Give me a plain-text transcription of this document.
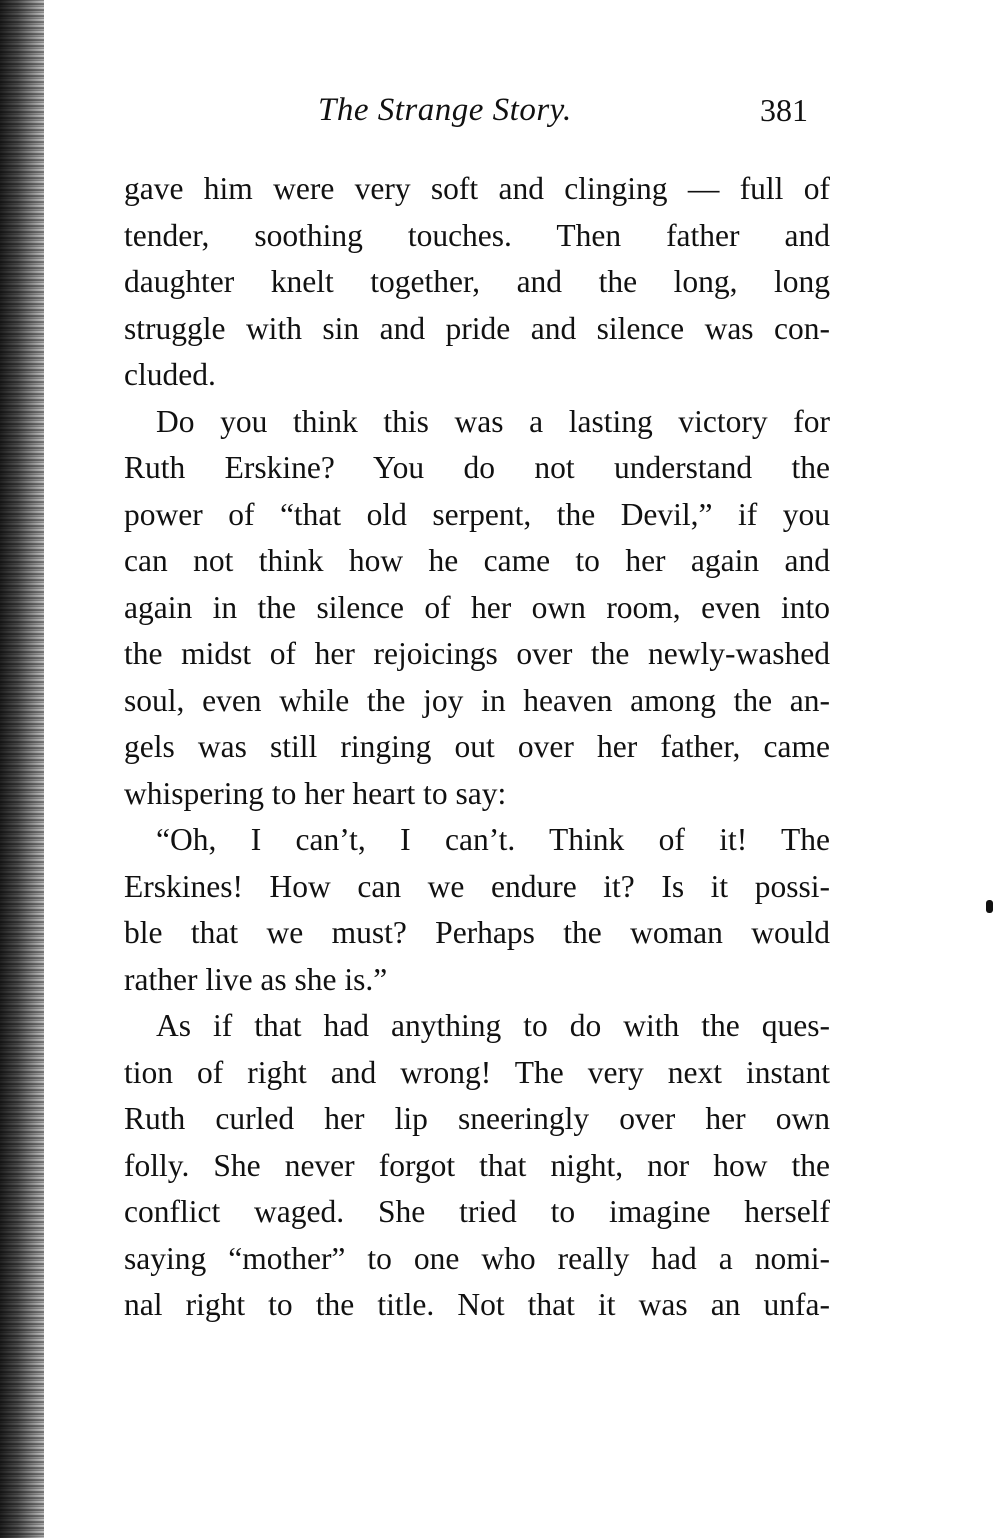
The Strange Story.	381
gave him were very soft and clinging — full of
tender, soothing touches. Then father and
daughter knelt together, and the long, long
struggle with sin and pride and silence was con-
cluded.
Do you think this was a lasting victory for
Ruth Erskine? You do not understand the
power of “that old serpent, the Devil,” if you
can not think how he came to her again and
again in the silence of her own room, even into
the midst of her rejoicings over the newly-washed
soul, even while the joy in heaven among the an-
gels was still ringing out over her father, came
whispering to her heart to say:
“Oh, I can’t, I can’t. Think of it! The
Erskines! How can we endure it? Is it possi-
ble that we must? Perhaps the woman would
rather live as she is.”
As if that had anything to do with the ques-
tion of right and wrong! The very next instant
Ruth curled her lip sneeringly over her own
folly. She never forgot that night, nor how the
conflict waged. She tried to imagine herself
saying “mother” to one who really had a nomi-
nal right to the title. Not that it was an unfa-
